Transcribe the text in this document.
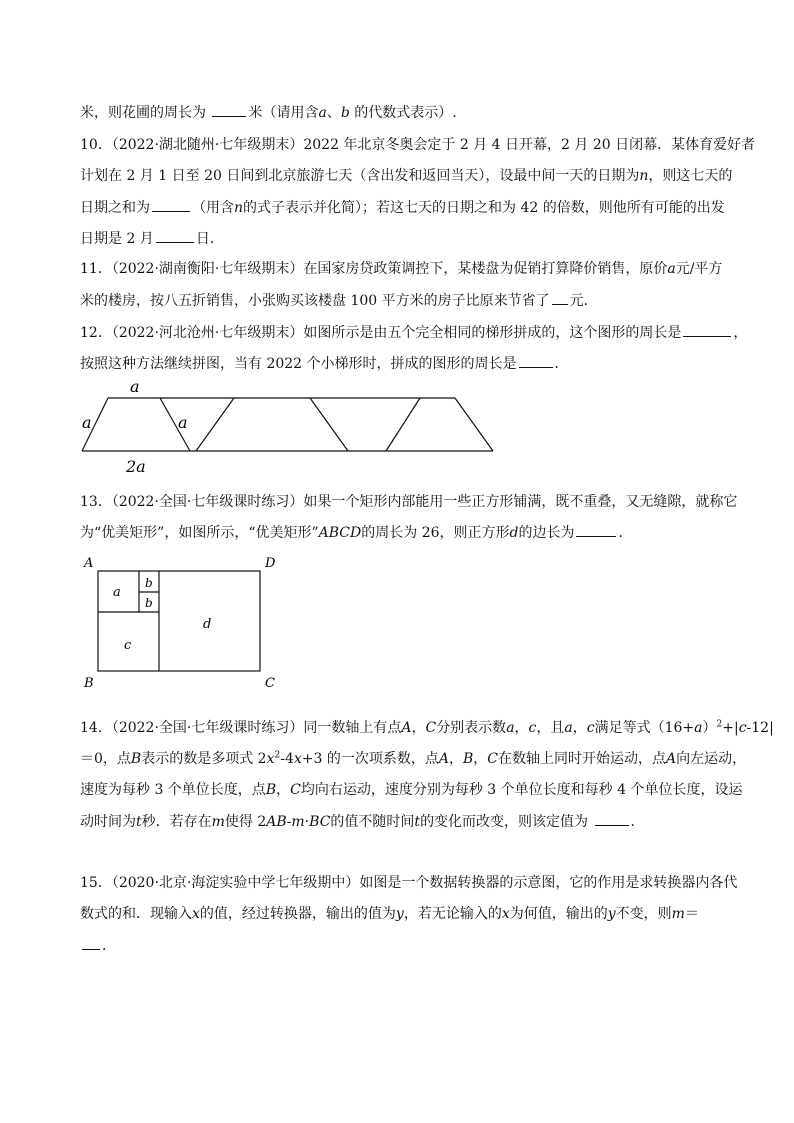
米，则花圃的周长为	米（请用含a、b 的代数式表示）.
10．（2022·湖北随州·七年级期末）2022 年北京冬奥会定于 2 月 4 日开幕，2 月 20 日闭幕．某体育爱好者
计划在 2 月 1 日至 20 日间到北京旅游七天（含出发和返回当天），设最中间一天的日期为n，则这七天的
日期之和为	（用含n的式子表示并化简）；若这七天的日期之和为 42 的倍数，则他所有可能的出发
日期是 2 月	日．
11．（2022·湖南衡阳·七年级期末）在国家房贷政策调控下，某楼盘为促销打算降价销售，原价a元/平方
米的楼房，按八五折销售，小张购买该楼盘 100 平方米的房子比原来节省了 元．
12．（2022·河北沧州·七年级期末）如图所示是由五个完全相同的梯形拼成的，这个图形的周长是	，
按照这种方法继续拼图，当有 2022 个小梯形时，拼成的图形的周长是	．
a
a	a
2a
13．（2022·全国·七年级课时练习）如果一个矩形内部能用一些正方形铺满，既不重叠，又无缝隙，就称它
为“优美矩形”，如图所示，“优美矩形”ABCD的周长为 26，则正方形d的边长为	．
A	D
B	C
a
b
b
c
d
14．（2022·全国·七年级课时练习）同一数轴上有点A，C分别表示数a，c，且a，c满足等式$(16+a)^2+|c-12|$
＝0，点B表示的数是多项式 $2x^2-4x+3$ 的一次项系数，点A，B，C在数轴上同时开始运动，点A向左运动，
速度为每秒 3 个单位长度，点B，C均向右运动，速度分别为每秒 3 个单位长度和每秒 4 个单位长度，设运
动时间为t秒．若存在m使得 2AB-m·BC的值不随时间t的变化而改变，则该定值为	．
15．（2020·北京·海淀实验中学七年级期中）如图是一个数据转换器的示意图，它的作用是求转换器内各代
数式的和．现输入x的值，经过转换器，输出的值为y，若无论输入的x为何值，输出的y不变，则m＝
．
